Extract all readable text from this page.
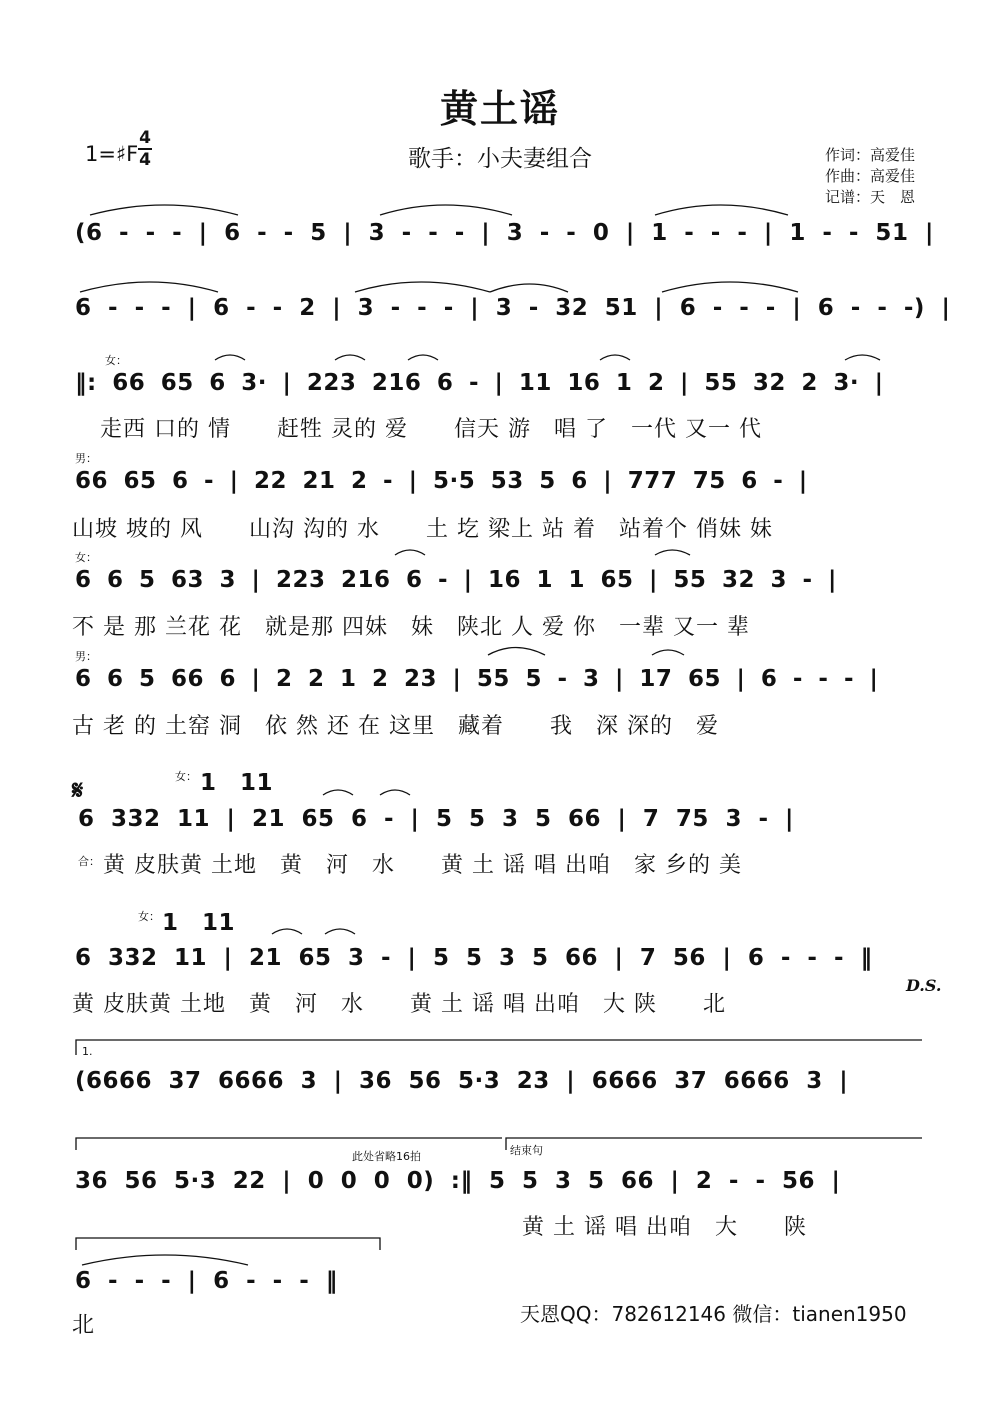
黄土谣
1=♯F
4
4	歌手：小夫妻组合	作词：高爱佳
作曲：高爱佳
记谱：天　恩
(6 - - - | 6 - - 5 | 3 - - - | 3 - - 0 | 1 - - - | 1 - - 51 |
6 - - - | 6 - - 2 | 3 - - - | 3 - 32 51 | 6 - - - | 6 - - -) |
女：
‖: 66 65 6 3· | 223 216 6 - | 11 16 1 2 | 55 32 2 3· |
走西 口的 情　　赶牲 灵的 爱　　信天 游　唱 了　一代 又一 代
男：
66 65 6 - | 22 21 2 - | 5·5 53 5 6 | 777 75 6 - |
山坡 坡的 风　　山沟 沟的 水　　土 圪 梁上 站 着　站着个 俏妹 妹
女：
6 6 5 63 3 | 223 216 6 - | 16 1 1 65 | 55 32 3 - |
不 是 那 兰花 花　就是那 四妹　妹　陕北 人 爱 你　一辈 又一 辈
男：
6 6 5 66 6 | 2 2 1 2 23 | 55 5 - 3 | 17 65 | 6 - - - |
古 老 的 土窑 洞　依 然 还 在 这里　藏着　　我　深 深的　爱
𝄋	女： 1　11
6 332 11 | 21 65 6 - | 5 5 3 5 66 | 7 75 3 - |
合： 黄 皮肤黄 土地　黄　河　水　　黄 土 谣 唱 出咱　家 乡的 美
女： 1　11
6 332 11 | 21 65 3 - | 5 5 3 5 66 | 7 56 | 6 - - - ‖
黄 皮肤黄 土地　黄　河　水　　黄 土 谣 唱 出咱　大 陕　　北
D.S.
1.
(6666 37 6666 3 | 36 56 5·3 23 | 6666 37 6666 3 |
此处省略16拍	结束句
36 56 5·3 22 | 0 0 0 0) :‖ 5 5 3 5 66 | 2 - - 56 |
黄 土 谣 唱 出咱　大　　陕
6 - - - | 6 - - - ‖
北	天恩QQ：782612146 微信：tianen1950
